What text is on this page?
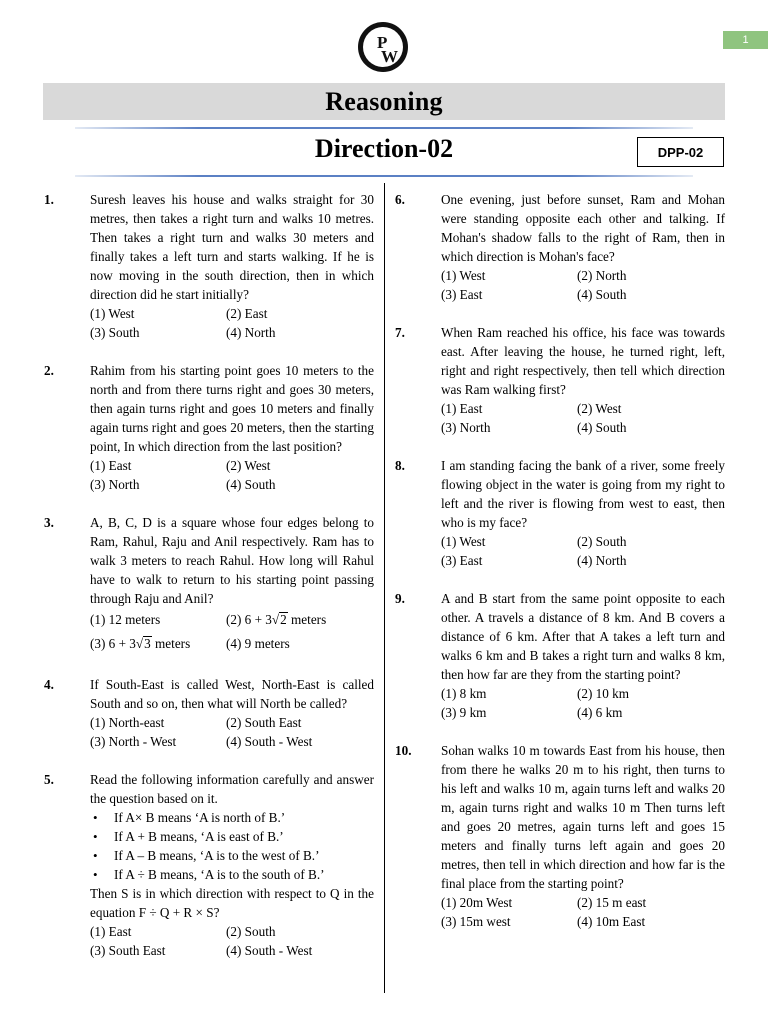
1
P
W
Reasoning
Direction-02	DPP-02
1.	Suresh leaves his house and walks straight for 30 metres, then takes a right turn and walks 10 metres. Then takes a right turn and walks 30 meters and finally takes a left turn and starts walking. If he is now moving in the south direction, then in which direction did he start initially?

(1) West	(2) East
(3) South	(4) North
2.	Rahim from his starting point goes 10 meters to the north and from there turns right and goes 30 meters, then again turns right and goes 10 meters and finally again turns right and goes 20 meters, then the starting point, In which direction from the last position?

(1) East	(2) West
(3) North	(4) South
3.	A, B, C, D is a square whose four edges belong to Ram, Rahul, Raju and Anil respectively. Ram has to walk 3 meters to reach Rahul. How long will Rahul have to walk to return to his starting point passing through Raju and Anil?

(1) 12 meters	(2) 6 + 3√2 meters
(3) 6 + 3√3 meters	(4) 9 meters
4.	If South-East is called West, North-East is called South and so on, then what will North be called?

(1) North-east	(2) South East
(3) North - West	(4) South - West
5.	Read the following information carefully and answer the question based on it.

• If A× B means ‘A is north of B.’
• If A + B means, ‘A is east of B.’
• If A – B means, ‘A is to the west of B.’
• If A ÷ B means, ‘A is to the south of B.’

Then S is in which direction with respect to Q in the equation F ÷ Q + R × S?

(1) East	(2) South
(3) South East	(4) South - West
6.	One evening, just before sunset, Ram and Mohan were standing opposite each other and talking. If Mohan's shadow falls to the right of Ram, then in which direction is Mohan's face?

(1) West	(2) North
(3) East	(4) South
7.	When Ram reached his office, his face was towards east. After leaving the house, he turned right, left, right and right respectively, then tell which direction was Ram walking first?

(1) East	(2) West
(3) North	(4) South
8.	I am standing facing the bank of a river, some freely flowing object in the water is going from my right to left and the river is flowing from west to east, then who is my face?

(1) West	(2) South
(3) East	(4) North
9.	A and B start from the same point opposite to each other. A travels a distance of 8 km. And B covers a distance of 6 km. After that A takes a left turn and walks 6 km and B takes a right turn and walks 8 km, then how far are they from the starting point?

(1) 8 km	(2) 10 km
(3) 9 km	(4) 6 km
10. Sohan walks 10 m towards East from his house, then from there he walks 20 m to his right, then turns to his left and walks 10 m, again turns left and walks 20 m, again turns right and walks 10 m Then turns left and goes 20 metres, again turns left and goes 15 meters and finally turns left again and goes 20 metres, then tell in which direction and how far is the final place from the starting point?

(1) 20m West	(2) 15 m east
(3) 15m west	(4) 10m East
